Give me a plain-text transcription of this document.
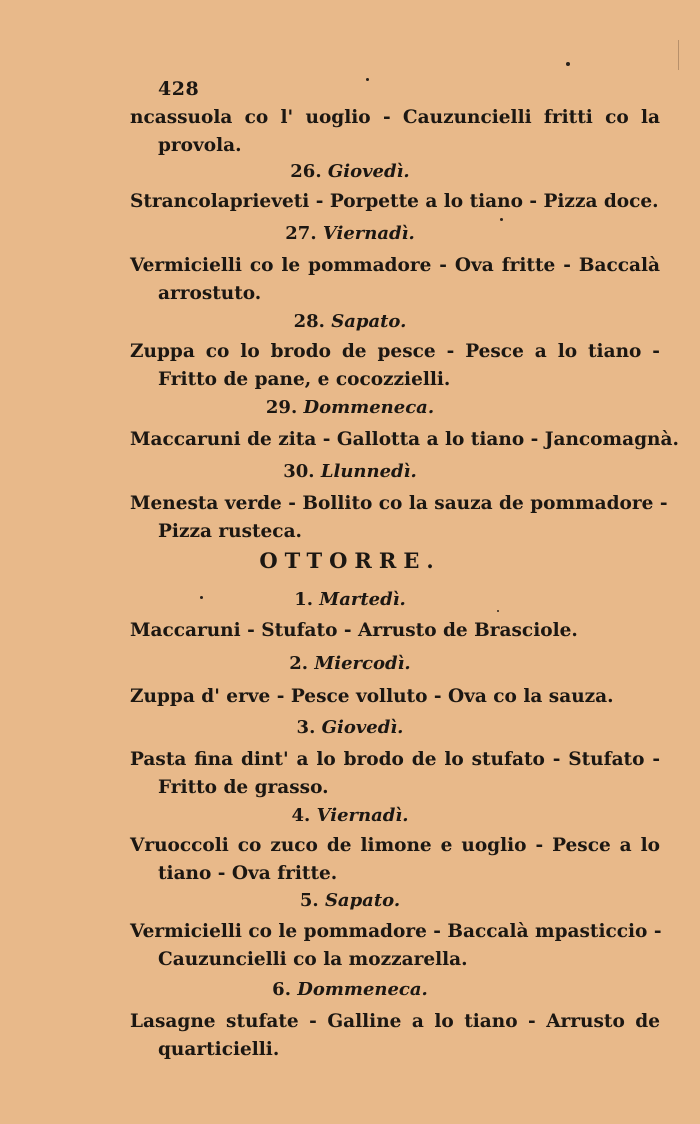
428
ncassuola co l' uoglio - Cauzuncielli fritti co la
provola.
26. Giovedì.
Strancolaprieveti - Porpette a lo tiano - Pizza doce.
27. Viernadì.
Vermicielli co le pommadore - Ova fritte - Baccalà
arrostuto.
28. Sapato.
Zuppa co lo brodo de pesce - Pesce a lo tiano -
Fritto de pane, e cocozzielli.
29. Dommeneca.
Maccaruni de zita - Gallotta a lo tiano - Jancomagnà.
30. Llunnedì.
Menesta verde - Bollito co la sauza de pommadore -
Pizza rusteca.
OTTORRE.
1. Martedì.
Maccaruni - Stufato - Arrusto de Brasciole.
2. Miercodì.
Zuppa d' erve - Pesce volluto - Ova co la sauza.
3. Giovedì.
Pasta fina dint' a lo brodo de lo stufato - Stufato -
Fritto de grasso.
4. Viernadì.
Vruoccoli co zuco de limone e uoglio - Pesce a lo
tiano - Ova fritte.
5. Sapato.
Vermicielli co le pommadore - Baccalà mpasticcio -
Cauzuncielli co la mozzarella.
6. Dommeneca.
Lasagne stufate - Galline a lo tiano - Arrusto de
quarticielli.
